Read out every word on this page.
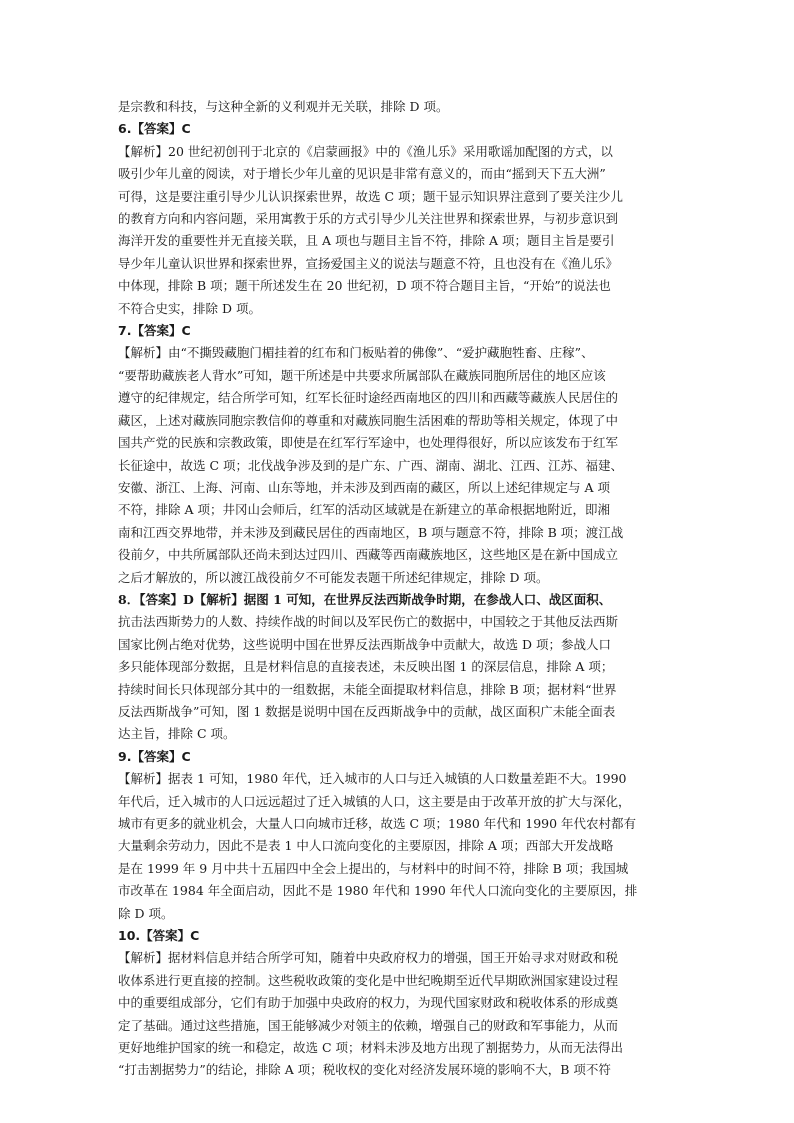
是宗教和科技，与这种全新的义利观并无关联，排除 D 项。

6.【答案】C

【解析】20 世纪初创刊于北京的《启蒙画报》中的《渔儿乐》采用歌谣加配图的方式，以

吸引少年儿童的阅读，对于增长少年儿童的见识是非常有意义的，而由“摇到天下五大洲”

可得，这是要注重引导少儿认识探索世界，故选 C 项；题干显示知识界注意到了要关注少儿

的教育方向和内容问题，采用寓教于乐的方式引导少儿关注世界和探索世界，与初步意识到

海洋开发的重要性并无直接关联，且 A 项也与题目主旨不符，排除 A 项；题目主旨是要引

导少年儿童认识世界和探索世界，宣扬爱国主义的说法与题意不符，且也没有在《渔儿乐》

中体现，排除 B 项；题干所述发生在 20 世纪初，D 项不符合题目主旨，“开始”的说法也

不符合史实，排除 D 项。

7.【答案】C

【解析】由“不撕毁藏胞门楣挂着的红布和门板贴着的佛像”、“爱护藏胞牲畜、庄稼”、

“要帮助藏族老人背水”可知，题干所述是中共要求所属部队在藏族同胞所居住的地区应该

遵守的纪律规定，结合所学可知，红军长征时途经西南地区的四川和西藏等藏族人民居住的

藏区，上述对藏族同胞宗教信仰的尊重和对藏族同胞生活困难的帮助等相关规定，体现了中

国共产党的民族和宗教政策，即使是在红军行军途中，也处理得很好，所以应该发布于红军

长征途中，故选 C 项；北伐战争涉及到的是广东、广西、湖南、湖北、江西、江苏、福建、

安徽、浙江、上海、河南、山东等地，并未涉及到西南的藏区，所以上述纪律规定与 A 项

不符，排除 A 项；井冈山会师后，红军的活动区域就是在新建立的革命根据地附近，即湘

南和江西交界地带，并未涉及到藏民居住的西南地区，B 项与题意不符，排除 B 项；渡江战

役前夕，中共所属部队还尚未到达过四川、西藏等西南藏族地区，这些地区是在新中国成立

之后才解放的，所以渡江战役前夕不可能发表题干所述纪律规定，排除 D 项。

8．【答案】D【解析】据图 1 可知，在世界反法西斯战争时期，在参战人口、战区面积、

抗击法西斯势力的人数、持续作战的时间以及军民伤亡的数据中，中国较之于其他反法西斯

国家比例占绝对优势，这些说明中国在世界反法西斯战争中贡献大，故选 D 项；参战人口

多只能体现部分数据，且是材料信息的直接表述，未反映出图 1 的深层信息，排除 A 项；

持续时间长只体现部分其中的一组数据，未能全面提取材料信息，排除 B 项；据材料“世界

反法西斯战争”可知，图 1 数据是说明中国在反西斯战争中的贡献，战区面积广未能全面表

达主旨，排除 C 项。

9.【答案】C

【解析】据表 1 可知，1980 年代，迁入城市的人口与迁入城镇的人口数量差距不大。1990

年代后，迁入城市的人口远远超过了迁入城镇的人口，这主要是由于改革开放的扩大与深化，

城市有更多的就业机会，大量人口向城市迁移，故选 C 项；1980 年代和 1990 年代农村都有

大量剩余劳动力，因此不是表 1 中人口流向变化的主要原因，排除 A 项；西部大开发战略

是在 1999 年 9 月中共十五届四中全会上提出的，与材料中的时间不符，排除 B 项；我国城

市改革在 1984 年全面启动，因此不是 1980 年代和 1990 年代人口流向变化的主要原因，排

除 D 项。

10.【答案】C

【解析】据材料信息并结合所学可知，随着中央政府权力的增强，国王开始寻求对财政和税

收体系进行更直接的控制。这些税收政策的变化是中世纪晚期至近代早期欧洲国家建设过程

中的重要组成部分，它们有助于加强中央政府的权力，为现代国家财政和税收体系的形成奠

定了基础。通过这些措施，国王能够减少对领主的依赖，增强自己的财政和军事能力，从而

更好地维护国家的统一和稳定，故选 C 项；材料未涉及地方出现了割据势力，从而无法得出

“打击割据势力”的结论，排除 A 项；税收权的变化对经济发展环境的影响不大，B 项不符
